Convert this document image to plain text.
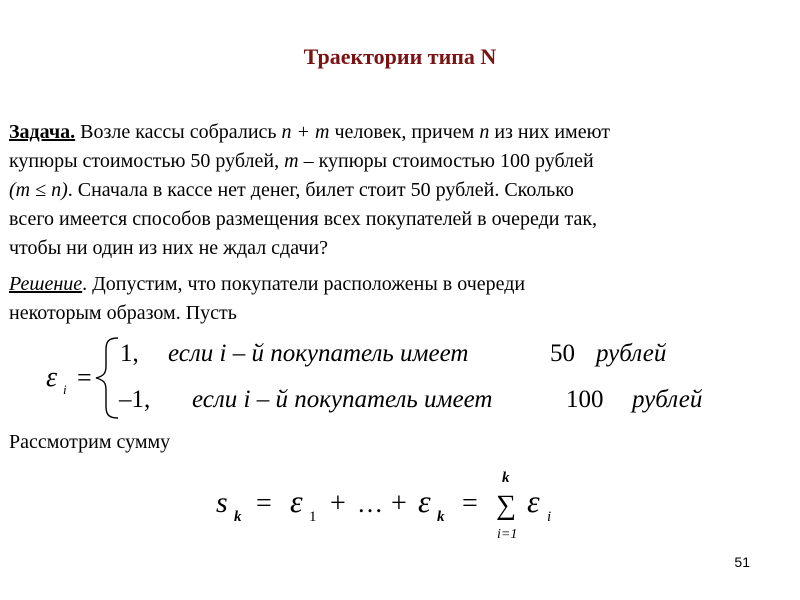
Траектории типа N
Задача. Возле кассы собрались n + m человек, причем n из них имеют
купюры стоимостью 50 рублей, m – купюры стоимостью 100 рублей
(m ≤ n). Сначала в кассе нет денег, билет стоит 50 рублей. Сколько
всего имеется способов размещения всех покупателей в очереди так,
чтобы ни один из них не ждал сдачи?
Решение. Допустим, что покупатели расположены в очереди
некоторым образом. Пусть
ε i =
1, если i – й покупатель имеет	50 рублей
–1, если i – й покупатель имеет	100 рублей
Рассмотрим сумму
s k = ε 1 + … + ε k =
k
∑
i=1
ε i
51
